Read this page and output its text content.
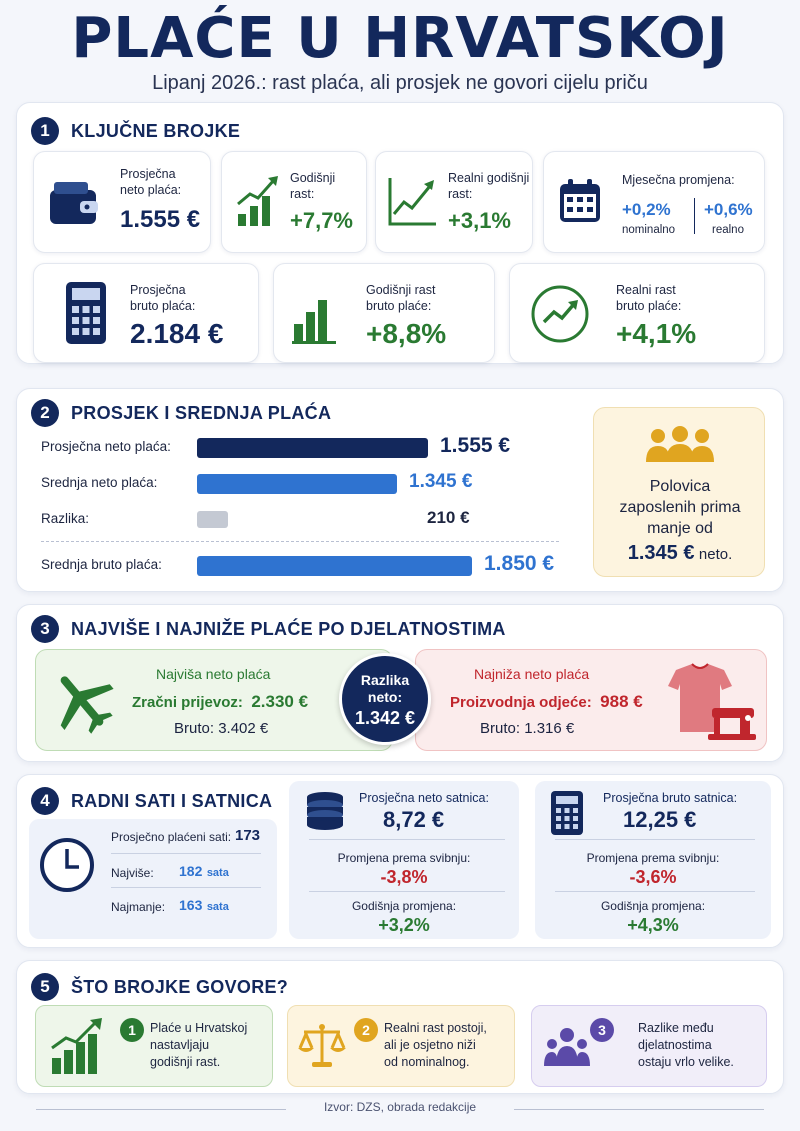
PLAĆE U HRVATSKOJ
Lipanj 2026.: rast plaća, ali prosjek ne govori cijelu priču
1	KLJUČNE BROJKE
Prosječna
neto plaća:
1.555 €
Godišnji
rast:
+7,7%
Realni godišnji
rast:
+3,1%
Mjesečna promjena:
+0,2%
nominalno
+0,6%
realno
Prosječna
bruto plaća:
2.184 €
Godišnji rast
bruto plaće:
+8,8%
Realni rast
bruto plaće:
+4,1%
2	PROSJEK I SREDNJA PLAĆA
Prosječna neto plaća:	1.555 €
Srednja neto plaća:	1.345 €
Razlika:	210 €
Srednja bruto plaća:	1.850 €
Polovica
zaposlenih prima
manje od
1.345 € neto.
3	NAJVIŠE I NAJNIŽE PLAĆE PO DJELATNOSTIMA
Najviša neto plaća
Zračni prijevoz: 2.330 €
Bruto: 3.402 €
Najniža neto plaća
Proizvodnja odjeće: 988 €
Bruto: 1.316 €
Razlika
neto:
1.342 €
4	RADNI SATI I SATNICA
Prosječno plaćeni sati: 173
Najviše: 182 sata
Najmanje: 163 sata
Prosječna neto satnica:
8,72 €
Promjena prema svibnju:
-3,8%
Godišnja promjena:
+3,2%
Prosječna bruto satnica:
12,25 €
Promjena prema svibnju:
-3,6%
Godišnja promjena:
+4,3%
5	ŠTO BROJKE GOVORE?
1	Plaće u Hrvatskoj
nastavljaju
godišnji rast.
2	Realni rast postoji,
ali je osjetno niži
od nominalnog.
3	Razlike među
djelatnostima
ostaju vrlo velike.
Izvor: DZS, obrada redakcije
